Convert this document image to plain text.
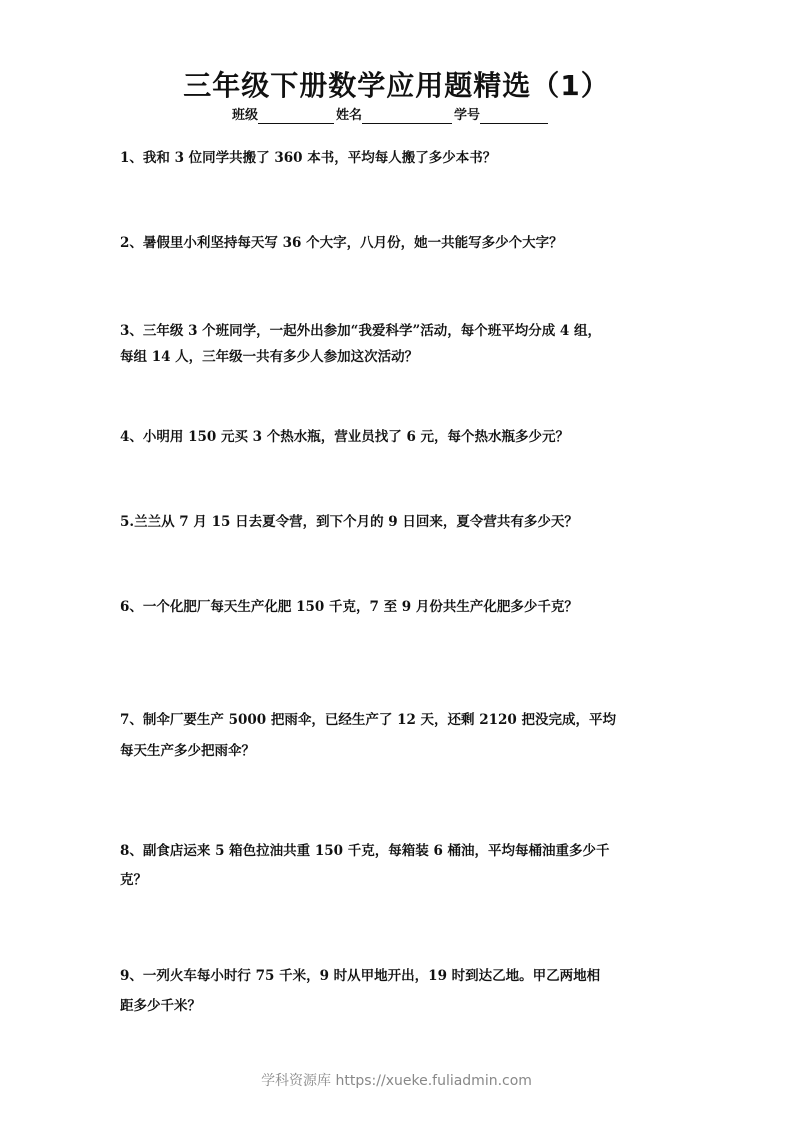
三年级下册数学应用题精选（1）
班级	姓名	学号
1、我和 3 位同学共搬了 360 本书，平均每人搬了多少本书？
2、暑假里小利坚持每天写 36 个大字，八月份，她一共能写多少个大字？
3、三年级 3 个班同学，一起外出参加“我爱科学”活动，每个班平均分成 4 组，
每组 14 人，三年级一共有多少人参加这次活动？
4、小明用 150 元买 3 个热水瓶，营业员找了 6 元，每个热水瓶多少元？
5.兰兰从 7 月 15 日去夏令营，到下个月的 9 日回来，夏令营共有多少天？
6、一个化肥厂每天生产化肥 150 千克，7 至 9 月份共生产化肥多少千克？
7、制伞厂要生产 5000 把雨伞，已经生产了 12 天，还剩 2120 把没完成，平均
每天生产多少把雨伞？
8、副食店运来 5 箱色拉油共重 150 千克，每箱装 6 桶油，平均每桶油重多少千
克？
9、一列火车每小时行 75 千米，9 时从甲地开出，19 时到达乙地。甲乙两地相
距多少千米？
学科资源库 https://xueke.fuliadmin.com
